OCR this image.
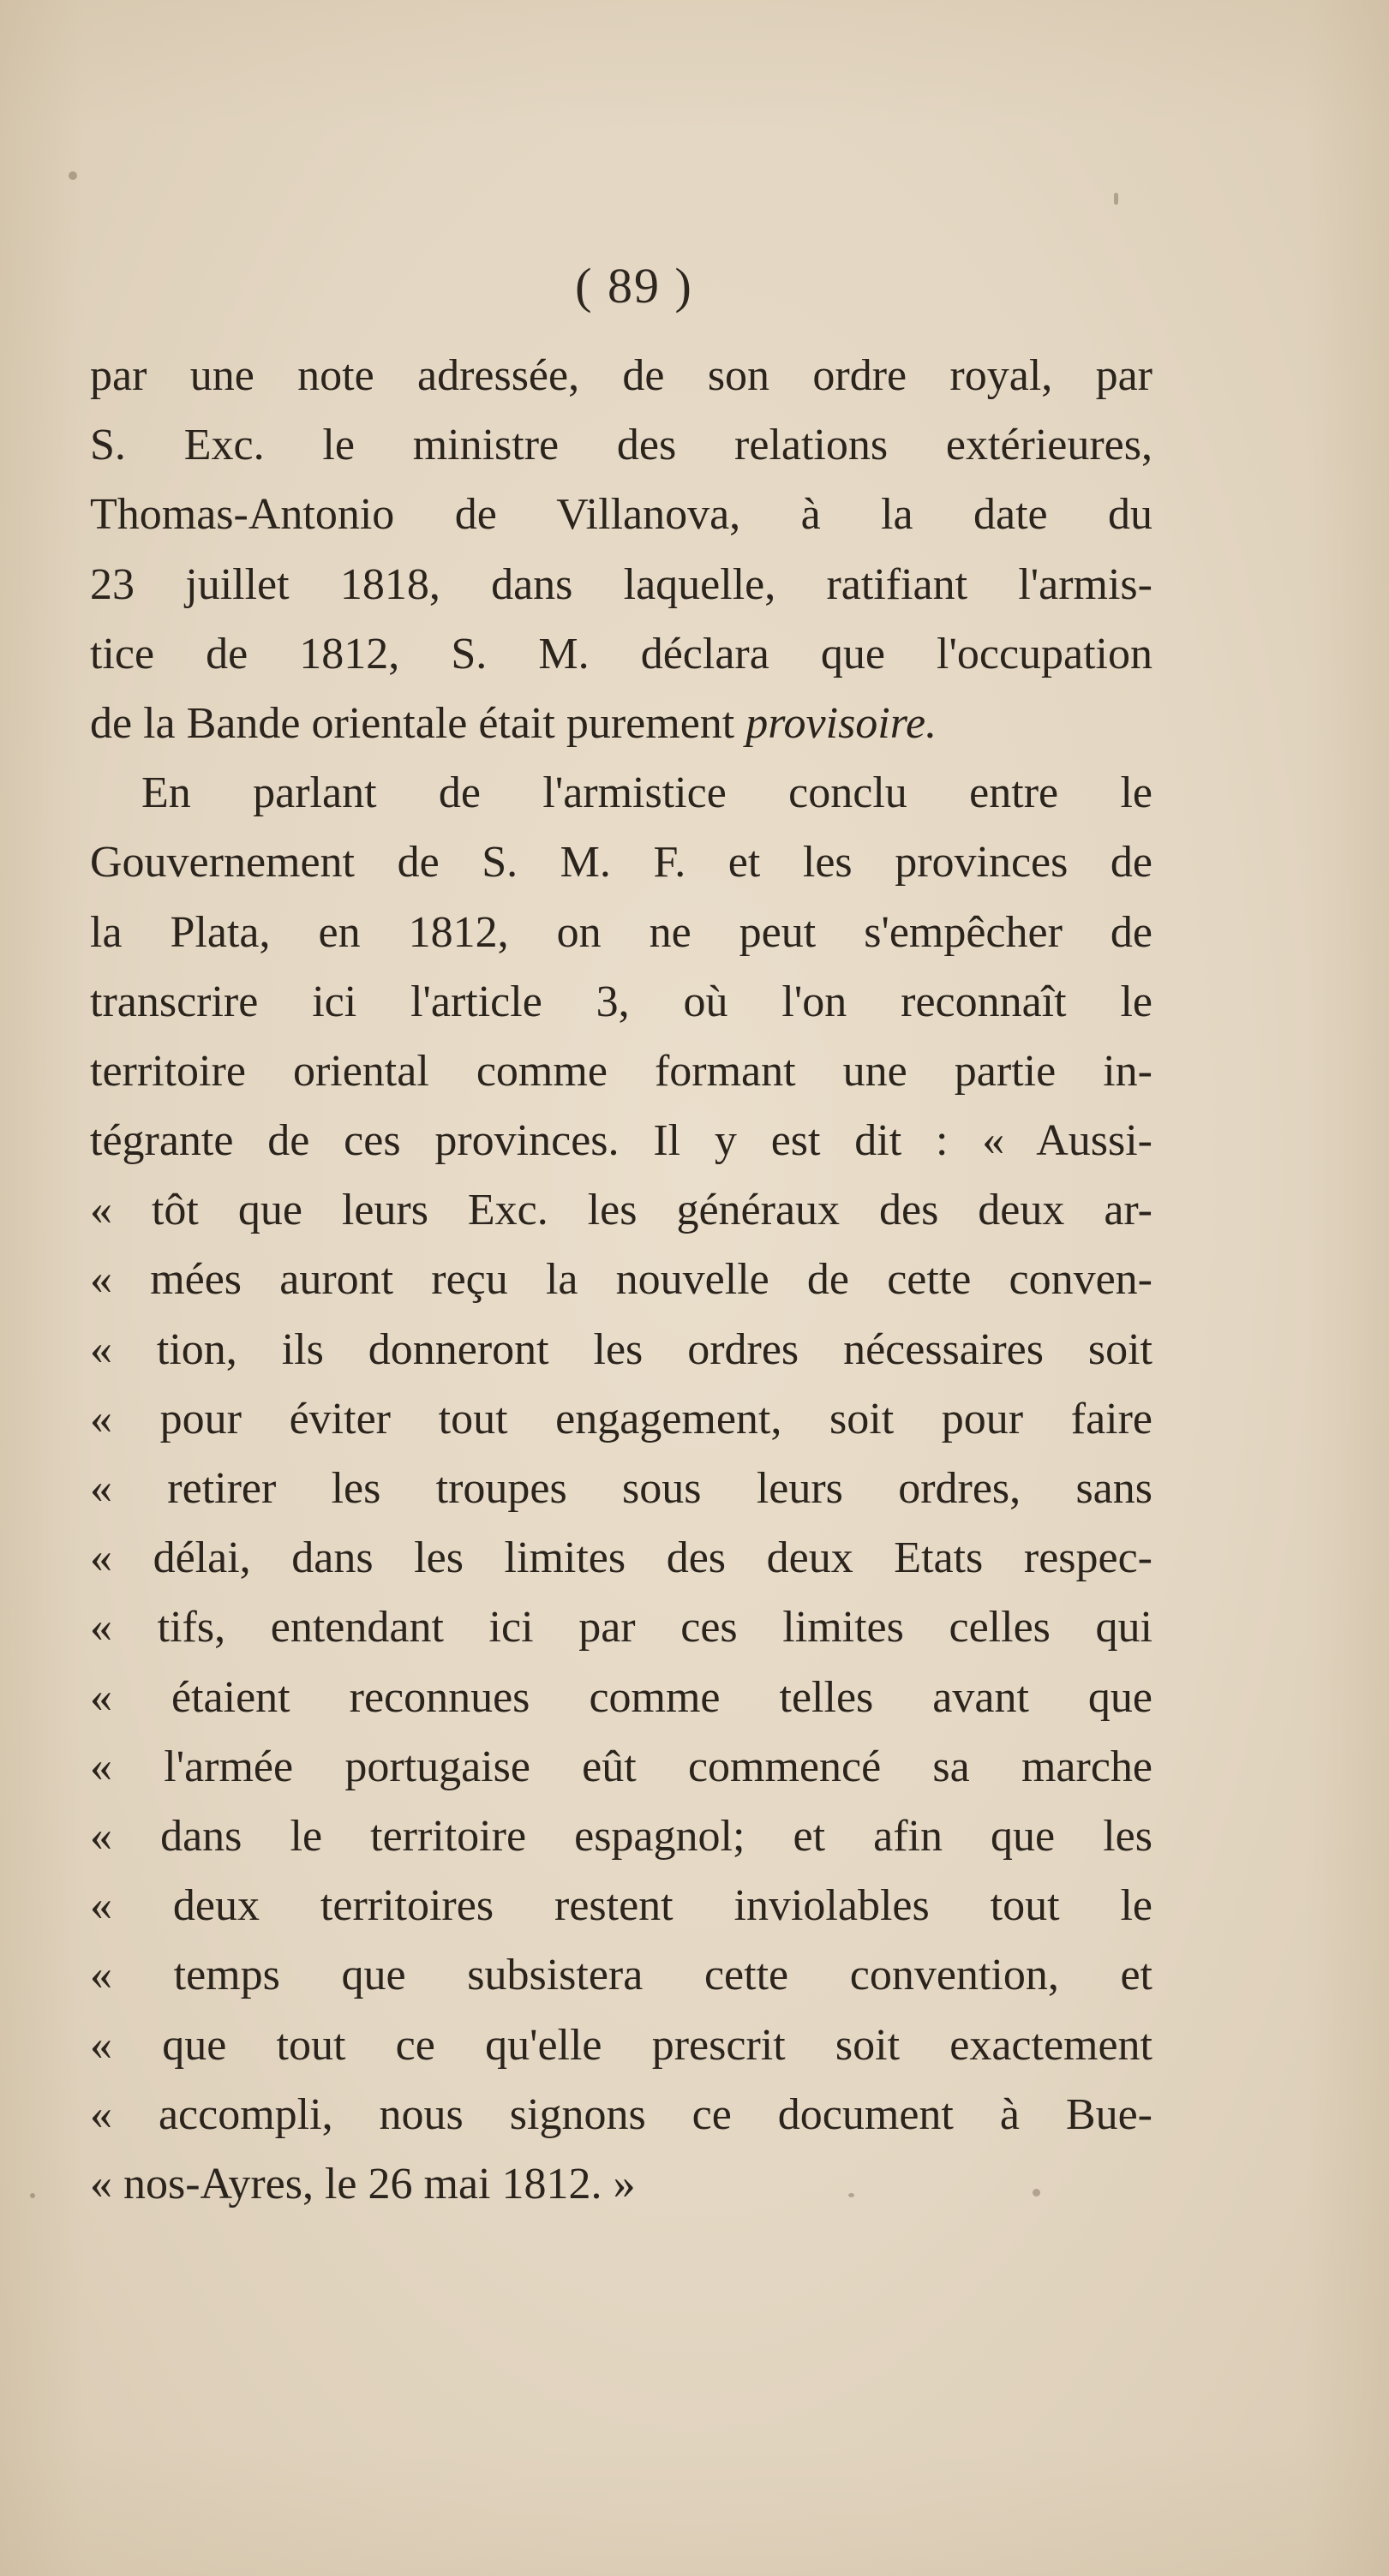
( 89 )
par une note adressée, de son ordre royal, par
S. Exc. le ministre des relations extérieures,
Thomas-Antonio de Villanova, à la date du
23 juillet 1818, dans laquelle, ratifiant l'armis-
tice de 1812, S. M. déclara que l'occupation
de la Bande orientale était purement provisoire.
En parlant de l'armistice conclu entre le
Gouvernement de S. M. F. et les provinces de
la Plata, en 1812, on ne peut s'empêcher de
transcrire ici l'article 3, où l'on reconnaît le
territoire oriental comme formant une partie in-
tégrante de ces provinces. Il y est dit : « Aussi-
« tôt que leurs Exc. les généraux des deux ar-
« mées auront reçu la nouvelle de cette conven-
« tion, ils donneront les ordres nécessaires soit
« pour éviter tout engagement, soit pour faire
« retirer les troupes sous leurs ordres, sans
« délai, dans les limites des deux Etats respec-
« tifs, entendant ici par ces limites celles qui
« étaient reconnues comme telles avant que
« l'armée portugaise eût commencé sa marche
« dans le territoire espagnol; et afin que les
« deux territoires restent inviolables tout le
« temps que subsistera cette convention, et
« que tout ce qu'elle prescrit soit exactement
« accompli, nous signons ce document à Bue-
« nos-Ayres, le 26 mai 1812. »
